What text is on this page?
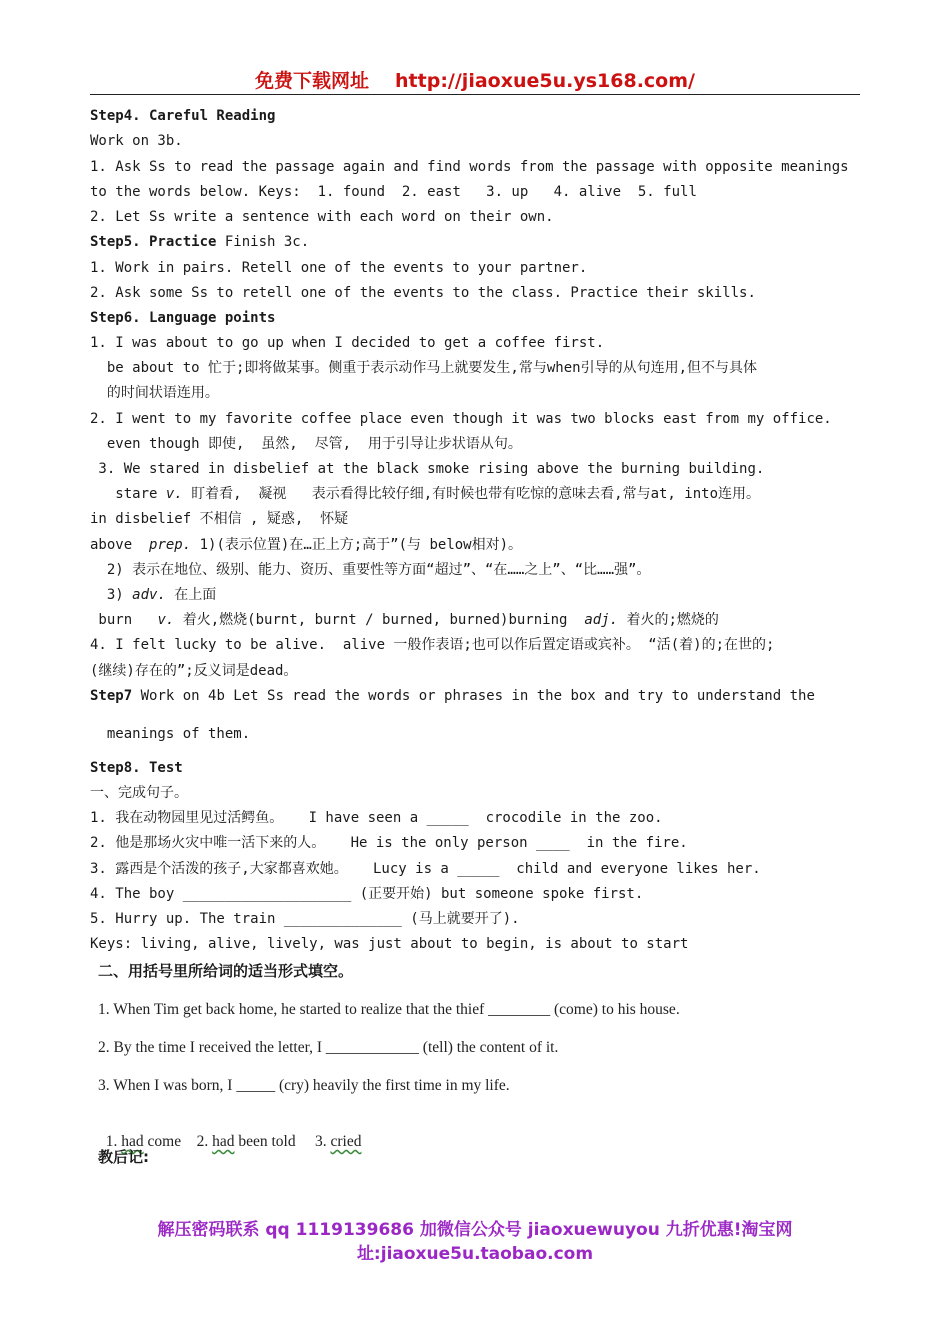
免费下载网址 http://jiaoxue5u.ys168.com/
Step4. Careful Reading
Work on 3b.
1. Ask Ss to read the passage again and find words from the passage with opposite meanings
to the words below. Keys:  1. found  2. east   3. up   4. alive  5. full
2. Let Ss write a sentence with each word on their own.
Step5. Practice Finish 3c.
1. Work in pairs. Retell one of the events to your partner.
2. Ask some Ss to retell one of the events to the class. Practice their skills.
Step6. Language points
1. I was about to go up when I decided to get a coffee first.
be about to 忙于;即将做某事。侧重于表示动作马上就要发生,常与when引导的从句连用,但不与具体
的时间状语连用。
2. I went to my favorite coffee place even though it was two blocks east from my office.
even though 即使,  虽然,  尽管,  用于引导让步状语从句。
3. We stared in disbelief at the black smoke rising above the burning building.
stare v. 盯着看,  凝视   表示看得比较仔细,有时候也带有吃惊的意味去看,常与at, into连用。
in disbelief 不相信 , 疑惑,  怀疑
above  prep. 1)(表示位置)在…正上方;高于”(与 below相对)。
2) 表示在地位、级别、能力、资历、重要性等方面“超过”、“在……之上”、“比……强”。
3) adv. 在上面
burn   v. 着火,燃烧(burnt, burnt / burned, burned)burning  adj. 着火的;燃烧的
4. I felt lucky to be alive.  alive 一般作表语;也可以作后置定语或宾补。 “活(着)的;在世的;
(继续)存在的”;反义词是dead。
Step7 Work on 4b Let Ss read the words or phrases in the box and try to understand the
meanings of them.
Step8. Test
一、完成句子。
1. 我在动物园里见过活鳄鱼。   I have seen a _____  crocodile in the zoo.
2. 他是那场火灾中唯一活下来的人。   He is the only person ____  in the fire.
3. 露西是个活泼的孩子,大家都喜欢她。   Lucy is a _____  child and everyone likes her.
4. The boy ____________________ (正要开始) but someone spoke first.
5. Hurry up. The train ______________ (马上就要开了).
Keys: living, alive, lively, was just about to begin, is about to start
二、用括号里所给词的适当形式填空。
1. When Tim get back home, he started to realize that the thief ________ (come) to his house.
2. By the time I received the letter, I ____________ (tell) the content of it.
3. When I was born, I _____ (cry) heavily the first time in my life.

1. had come 2. had been told 3. cried

教后记:
解压密码联系 qq 1119139686 加微信公众号 jiaoxuewuyou 九折优惠!淘宝网
址:jiaoxue5u.taobao.com
